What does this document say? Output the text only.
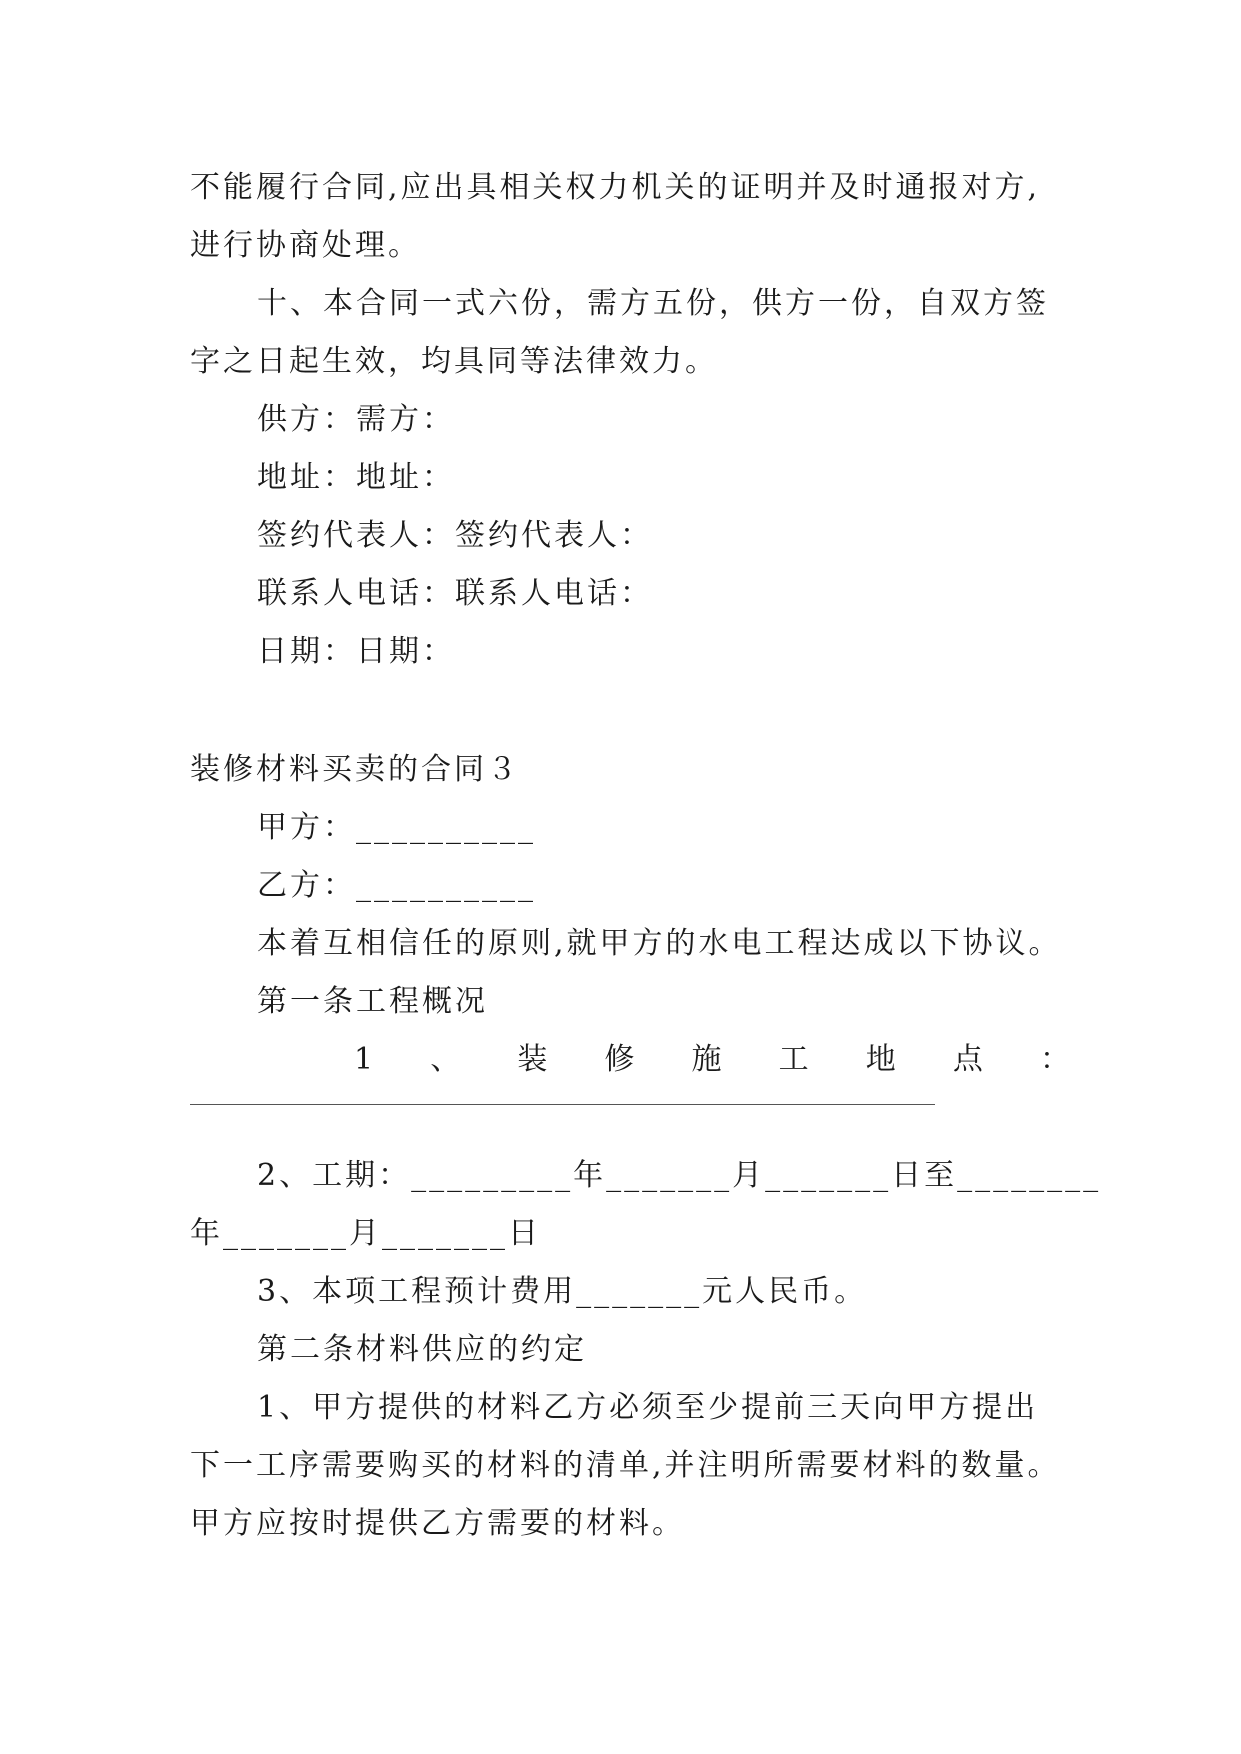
不能履行合同,应出具相关权力机关的证明并及时通报对方,
进行协商处理。
十、本合同一式六份，需方五份，供方一份，自双方签
字之日起生效，均具同等法律效力。
供方：需方：
地址：地址：
签约代表人：签约代表人：
联系人电话：联系人电话：
日期：日期：
装修材料买卖的合同３
甲方：__________
乙方：__________
本着互相信任的原则,就甲方的水电工程达成以下协议。
第一条工程概况
1 、 装 修 施 工 地 点 ：
2、工期：_________年_______月_______日至________
年_______月_______日
3、本项工程预计费用_______元人民币。
第二条材料供应的约定
1、甲方提供的材料乙方必须至少提前三天向甲方提出
下一工序需要购买的材料的清单,并注明所需要材料的数量。
甲方应按时提供乙方需要的材料。
